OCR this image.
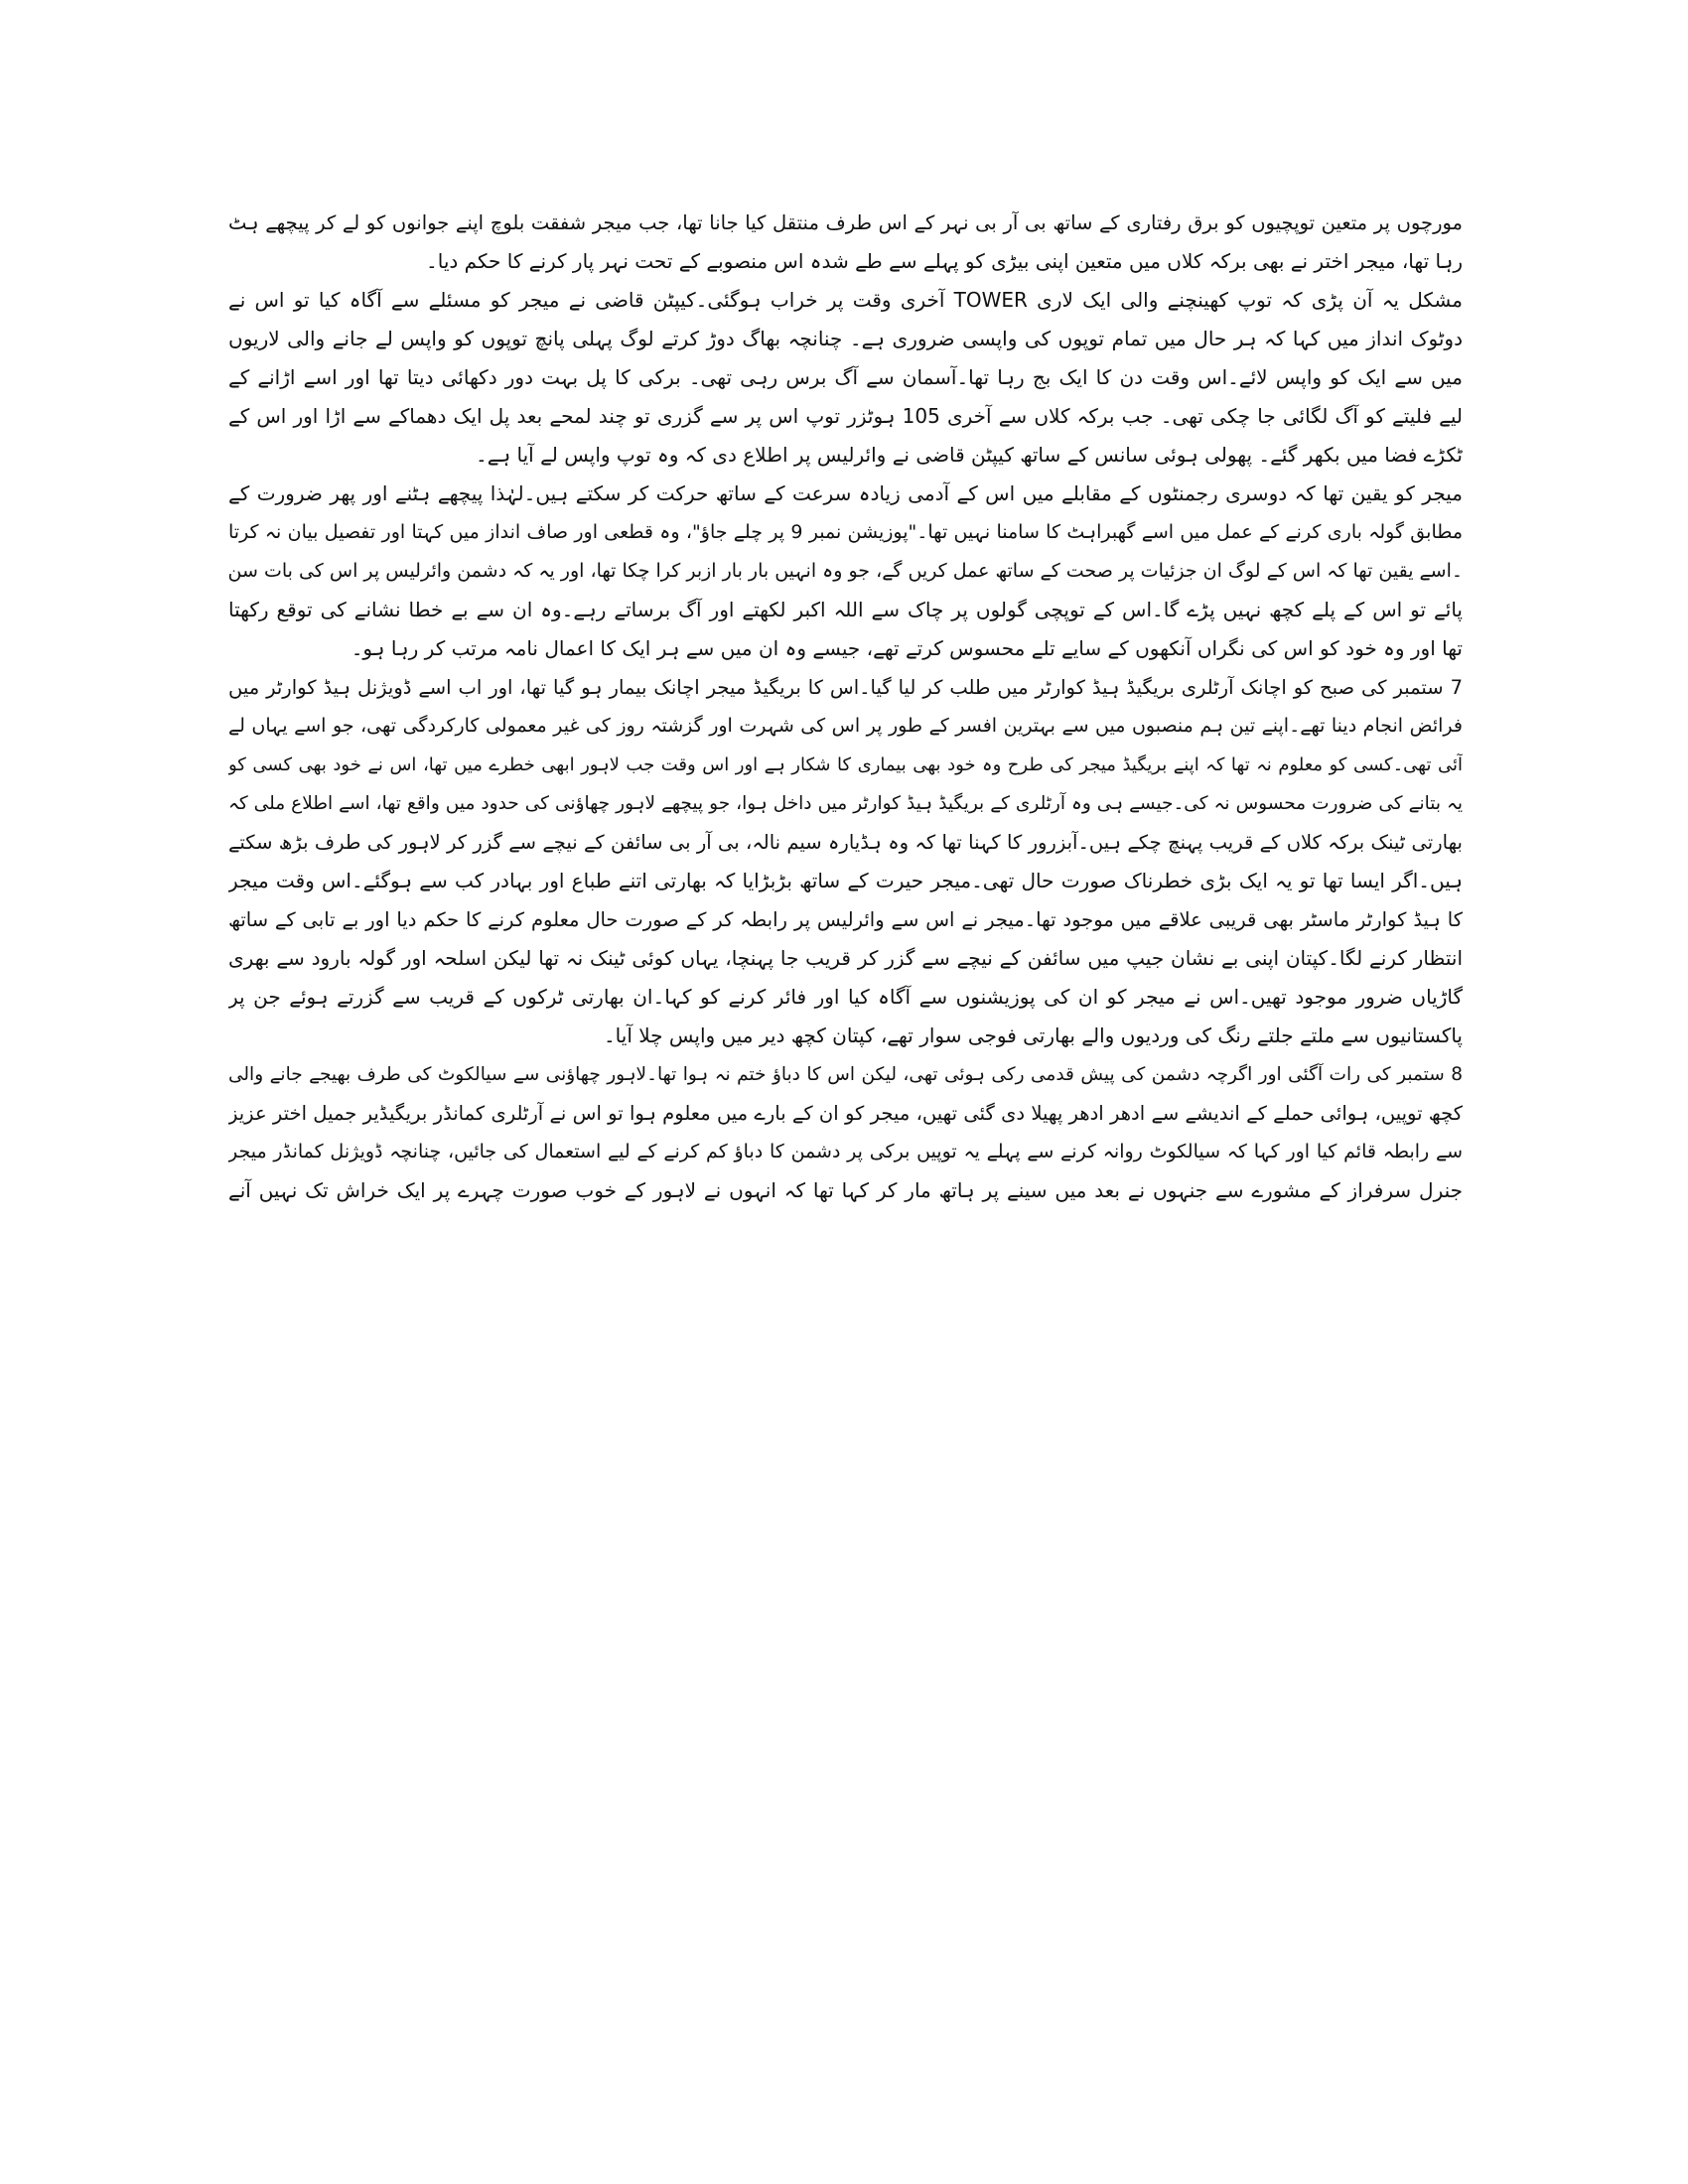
مورچوں پر متعین توپچیوں کو برق رفتاری کے ساتھ بی آر بی نہر کے اس طرف منتقل کیا جانا تھا، جب میجر شفقت بلوچ اپنے جوانوں کو لے کر پیچھے ہٹ
رہا تھا، میجر اختر نے بھی برکہ کلاں میں متعین اپنی بیڑی کو پہلے سے طے شدہ اس منصوبے کے تحت نہر پار کرنے کا حکم دیا۔
مشکل یہ آن پڑی کہ توپ کھینچنے والی ایک لاری TOWER آخری وقت پر خراب ہوگئی۔کیپٹن قاضی نے میجر کو مسئلے سے آگاہ کیا تو اس نے
دوٹوک انداز میں کہا کہ ہر حال میں تمام توپوں کی واپسی ضروری ہے۔ چنانچہ بھاگ دوڑ کرتے لوگ پہلی پانچ توپوں کو واپس لے جانے والی لاریوں
میں سے ایک کو واپس لائے۔اس وقت دن کا ایک بج رہا تھا۔آسمان سے آگ برس رہی تھی۔ برکی کا پل بہت دور دکھائی دیتا تھا اور اسے اڑانے کے
لیے فلیتے کو آگ لگائی جا چکی تھی۔ جب برکہ کلاں سے آخری 105 ہوٹزر توپ اس پر سے گزری تو چند لمحے بعد پل ایک دھماکے سے اڑا اور اس کے
ٹکڑے فضا میں بکھر گئے۔ پھولی ہوئی سانس کے ساتھ کیپٹن قاضی نے وائرلیس پر اطلاع دی کہ وہ توپ واپس لے آیا ہے۔
میجر کو یقین تھا کہ دوسری رجمنٹوں کے مقابلے میں اس کے آدمی زیادہ سرعت کے ساتھ حرکت کر سکتے ہیں۔لہٰذا پیچھے ہٹنے اور پھر ضرورت کے
مطابق گولہ باری کرنے کے عمل میں اسے گھبراہٹ کا سامنا نہیں تھا۔"پوزیشن نمبر 9 پر چلے جاؤ"، وہ قطعی اور صاف انداز میں کہتا اور تفصیل بیان نہ کرتا
۔اسے یقین تھا کہ اس کے لوگ ان جزئیات پر صحت کے ساتھ عمل کریں گے، جو وہ انہیں بار بار ازبر کرا چکا تھا، اور یہ کہ دشمن وائرلیس پر اس کی بات سن
پائے تو اس کے پلے کچھ نہیں پڑے گا۔اس کے توپچی گولوں پر چاک سے اللہ اکبر لکھتے اور آگ برساتے رہے۔وہ ان سے بے خطا نشانے کی توقع رکھتا
تھا اور وہ خود کو اس کی نگراں آنکھوں کے سایے تلے محسوس کرتے تھے، جیسے وہ ان میں سے ہر ایک کا اعمال نامہ مرتب کر رہا ہو۔
7 ستمبر کی صبح کو اچانک آرٹلری بریگیڈ ہیڈ کوارٹر میں طلب کر لیا گیا۔اس کا بریگیڈ میجر اچانک بیمار ہو گیا تھا، اور اب اسے ڈویژنل ہیڈ کوارٹر میں
فرائض انجام دینا تھے۔اپنے تین ہم منصبوں میں سے بہترین افسر کے طور پر اس کی شہرت اور گزشتہ روز کی غیر معمولی کارکردگی تھی، جو اسے یہاں لے
آئی تھی۔کسی کو معلوم نہ تھا کہ اپنے بریگیڈ میجر کی طرح وہ خود بھی بیماری کا شکار ہے اور اس وقت جب لاہور ابھی خطرے میں تھا، اس نے خود بھی کسی کو
یہ بتانے کی ضرورت محسوس نہ کی۔جیسے ہی وہ آرٹلری کے بریگیڈ ہیڈ کوارٹر میں داخل ہوا، جو پیچھے لاہور چھاؤنی کی حدود میں واقع تھا، اسے اطلاع ملی کہ
بھارتی ٹینک برکہ کلاں کے قریب پہنچ چکے ہیں۔آبزرور کا کہنا تھا کہ وہ ہڈیارہ سیم نالہ، بی آر بی سائفن کے نیچے سے گزر کر لاہور کی طرف بڑھ سکتے
ہیں۔اگر ایسا تھا تو یہ ایک بڑی خطرناک صورت حال تھی۔میجر حیرت کے ساتھ بڑبڑایا کہ بھارتی اتنے طباع اور بہادر کب سے ہوگئے۔اس وقت میجر
کا ہیڈ کوارٹر ماسٹر بھی قریبی علاقے میں موجود تھا۔میجر نے اس سے وائرلیس پر رابطہ کر کے صورت حال معلوم کرنے کا حکم دیا اور بے تابی کے ساتھ
انتظار کرنے لگا۔کپتان اپنی بے نشان جیپ میں سائفن کے نیچے سے گزر کر قریب جا پہنچا، یہاں کوئی ٹینک نہ تھا لیکن اسلحہ اور گولہ بارود سے بھری
گاڑیاں ضرور موجود تھیں۔اس نے میجر کو ان کی پوزیشنوں سے آگاہ کیا اور فائر کرنے کو کہا۔ان بھارتی ٹرکوں کے قریب سے گزرتے ہوئے جن پر
پاکستانیوں سے ملتے جلتے رنگ کی وردیوں والے بھارتی فوجی سوار تھے، کپتان کچھ دیر میں واپس چلا آیا۔
8 ستمبر کی رات آگئی اور اگرچہ دشمن کی پیش قدمی رکی ہوئی تھی، لیکن اس کا دباؤ ختم نہ ہوا تھا۔لاہور چھاؤنی سے سیالکوٹ کی طرف بھیجے جانے والی
کچھ توپیں، ہوائی حملے کے اندیشے سے ادھر ادھر پھیلا دی گئی تھیں، میجر کو ان کے بارے میں معلوم ہوا تو اس نے آرٹلری کمانڈر بریگیڈیر جمیل اختر عزیز
سے رابطہ قائم کیا اور کہا کہ سیالکوٹ روانہ کرنے سے پہلے یہ توپیں برکی پر دشمن کا دباؤ کم کرنے کے لیے استعمال کی جائیں، چنانچہ ڈویژنل کمانڈر میجر
جنرل سرفراز کے مشورے سے جنہوں نے بعد میں سینے پر ہاتھ مار کر کہا تھا کہ انہوں نے لاہور کے خوب صورت چہرے پر ایک خراش تک نہیں آنے
